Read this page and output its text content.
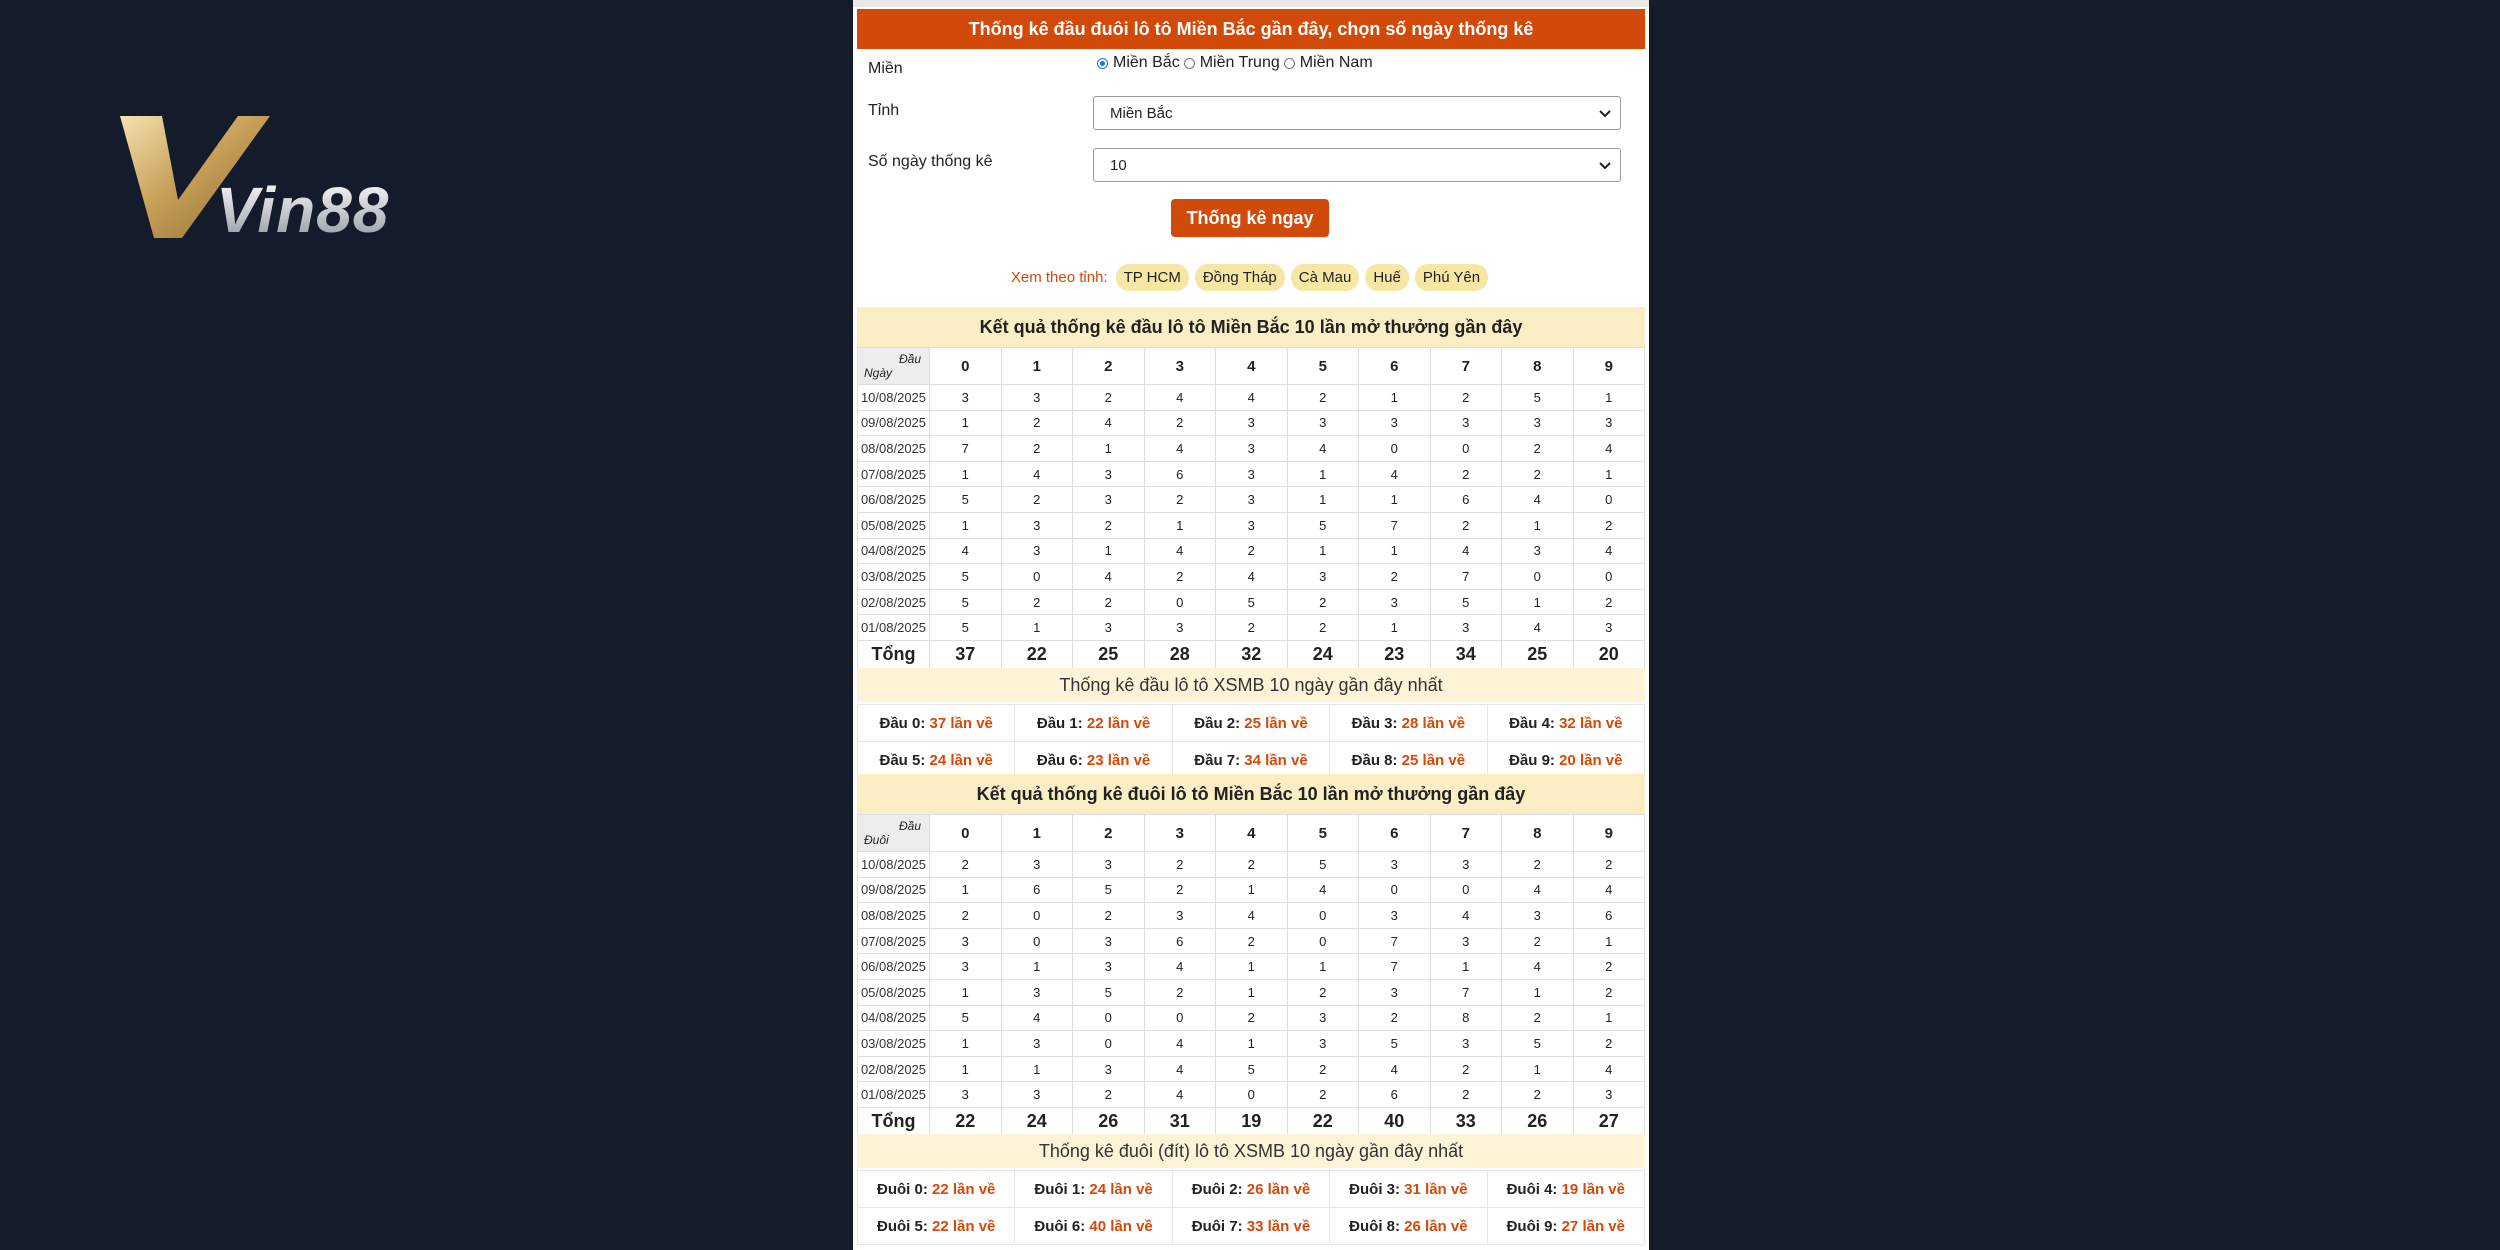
Vin88
Thống kê đầu đuôi lô tô Miền Bắc gần đây, chọn số ngày thống kê
Miền	Miền Bắc Miền Trung Miền Nam
Tỉnh	Miền Bắc
Số ngày thống kê	10
Thống kê ngay
Xem theo tỉnh:	TP HCM	Đồng Tháp	Cà Mau	Huế	Phú Yên
Kết quả thống kê đầu lô tô Miền Bắc 10 lần mở thưởng gần đây
Đầu
Ngày	0	1	2	3	4	5	6	7	8	9
10/08/2025	3	3	2	4	4	2	1	2	5	1
09/08/2025	1	2	4	2	3	3	3	3	3	3
08/08/2025	7	2	1	4	3	4	0	0	2	4
07/08/2025	1	4	3	6	3	1	4	2	2	1
06/08/2025	5	2	3	2	3	1	1	6	4	0
05/08/2025	1	3	2	1	3	5	7	2	1	2
04/08/2025	4	3	1	4	2	1	1	4	3	4
03/08/2025	5	0	4	2	4	3	2	7	0	0
02/08/2025	5	2	2	0	5	2	3	5	1	2
01/08/2025	5	1	3	3	2	2	1	3	4	3
Tổng	37	22	25	28	32	24	23	34	25	20
Thống kê đầu lô tô XSMB 10 ngày gần đây nhất
Đầu 0: 37 lần về	Đầu 1: 22 lần về	Đầu 2: 25 lần về	Đầu 3: 28 lần về	Đầu 4: 32 lần về
Đầu 5: 24 lần về	Đầu 6: 23 lần về	Đầu 7: 34 lần về	Đầu 8: 25 lần về	Đầu 9: 20 lần về
Kết quả thống kê đuôi lô tô Miền Bắc 10 lần mở thưởng gần đây
Đầu
Đuôi	0	1	2	3	4	5	6	7	8	9
10/08/2025	2	3	3	2	2	5	3	3	2	2
09/08/2025	1	6	5	2	1	4	0	0	4	4
08/08/2025	2	0	2	3	4	0	3	4	3	6
07/08/2025	3	0	3	6	2	0	7	3	2	1
06/08/2025	3	1	3	4	1	1	7	1	4	2
05/08/2025	1	3	5	2	1	2	3	7	1	2
04/08/2025	5	4	0	0	2	3	2	8	2	1
03/08/2025	1	3	0	4	1	3	5	3	5	2
02/08/2025	1	1	3	4	5	2	4	2	1	4
01/08/2025	3	3	2	4	0	2	6	2	2	3
Tổng	22	24	26	31	19	22	40	33	26	27
Thống kê đuôi (đít) lô tô XSMB 10 ngày gần đây nhất
Đuôi 0: 22 lần về	Đuôi 1: 24 lần về	Đuôi 2: 26 lần về	Đuôi 3: 31 lần về	Đuôi 4: 19 lần về
Đuôi 5: 22 lần về	Đuôi 6: 40 lần về	Đuôi 7: 33 lần về	Đuôi 8: 26 lần về	Đuôi 9: 27 lần về
